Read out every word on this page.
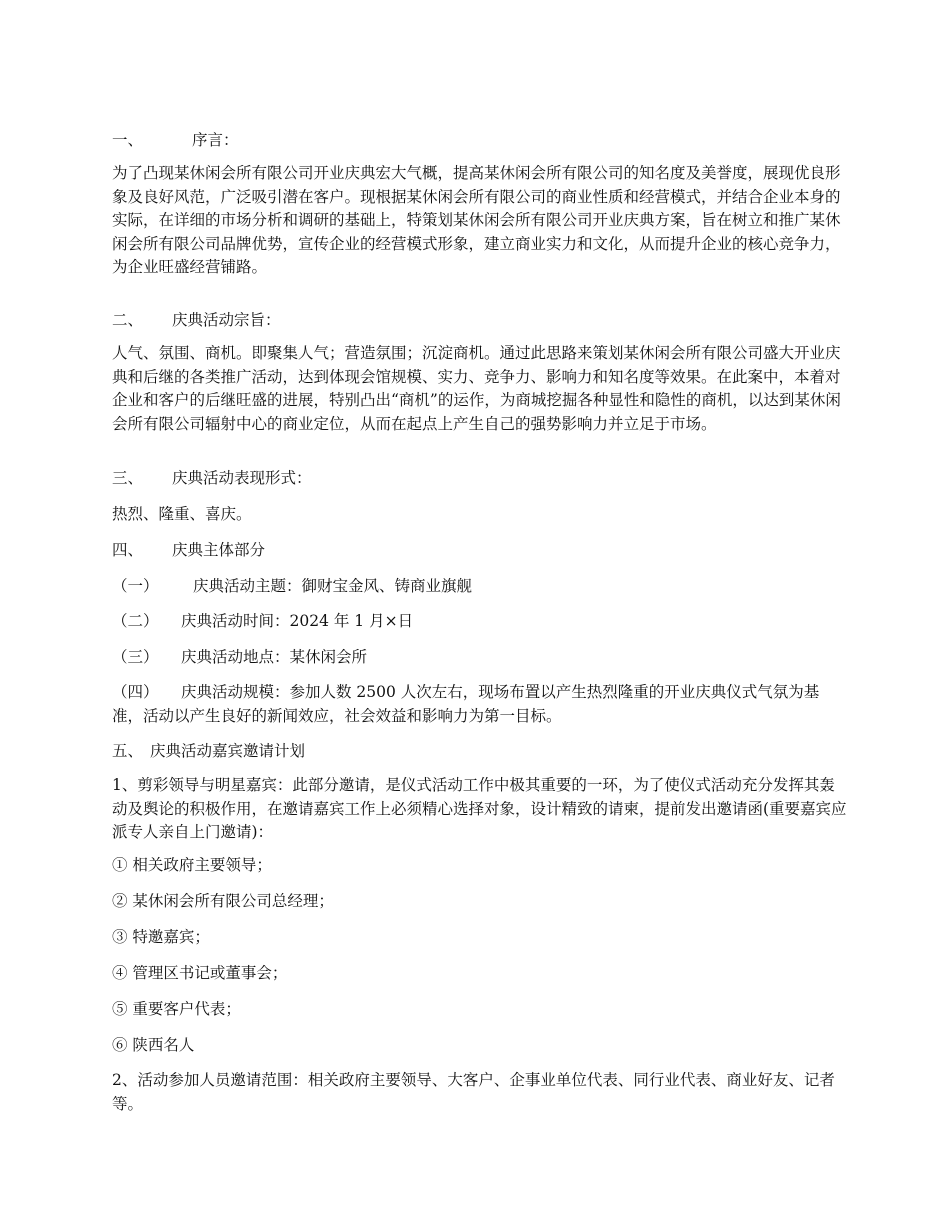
一、	序言：
为了凸现某休闲会所有限公司开业庆典宏大气概，提高某休闲会所有限公司的知名度及美誉度，展现优良形象及良好风范，广泛吸引潜在客户。现根据某休闲会所有限公司的商业性质和经营模式，并结合企业本身的实际，在详细的市场分析和调研的基础上，特策划某休闲会所有限公司开业庆典方案，旨在树立和推广某休闲会所有限公司品牌优势，宣传企业的经营模式形象，建立商业实力和文化，从而提升企业的核心竞争力，为企业旺盛经营铺路。
二、 庆典活动宗旨：
人气、氛围、商机。即聚集人气；营造氛围；沉淀商机。通过此思路来策划某休闲会所有限公司盛大开业庆典和后继的各类推广活动，达到体现会馆规模、实力、竞争力、影响力和知名度等效果。在此案中，本着对企业和客户的后继旺盛的进展，特别凸出“商机”的运作，为商城挖掘各种显性和隐性的商机，以达到某休闲会所有限公司辐射中心的商业定位，从而在起点上产生自己的强势影响力并立足于市场。
三、 庆典活动表现形式：
热烈、隆重、喜庆。
四、 庆典主体部分
（一） 庆典活动主题：御财宝金风、铸商业旗舰
（二） 庆典活动时间：2024 年 1 月×日
（三） 庆典活动地点：某休闲会所
（四） 庆典活动规模：参加人数 2500 人次左右，现场布置以产生热烈隆重的开业庆典仪式气氛为基准，活动以产生良好的新闻效应，社会效益和影响力为第一目标。
五、 庆典活动嘉宾邀请计划
1、剪彩领导与明星嘉宾：此部分邀请，是仪式活动工作中极其重要的一环，为了使仪式活动充分发挥其轰动及舆论的积极作用，在邀请嘉宾工作上必须精心选择对象，设计精致的请柬，提前发出邀请函(重要嘉宾应派专人亲自上门邀请)：
① 相关政府主要领导；
② 某休闲会所有限公司总经理；
③ 特邀嘉宾；
④ 管理区书记或董事会；
⑤ 重要客户代表；
⑥ 陕西名人
2、活动参加人员邀请范围：相关政府主要领导、大客户、企事业单位代表、同行业代表、商业好友、记者等。
